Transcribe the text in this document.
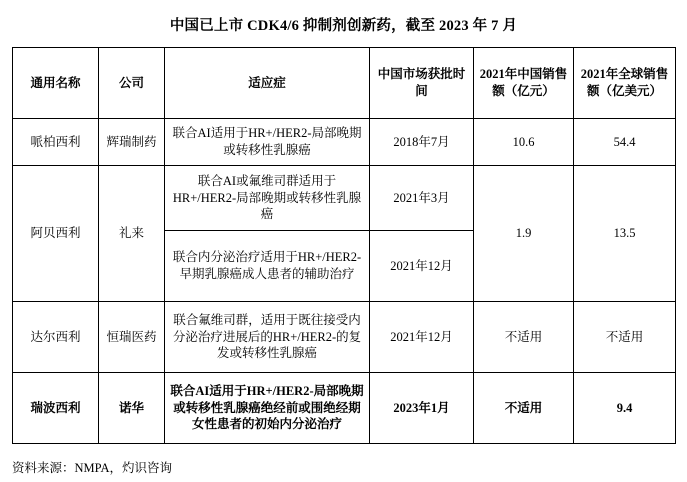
中国已上市 CDK4/6 抑制剂创新药，截至 2023 年 7 月
通用名称	公司	适应症	中国市场获批时间	2021年中国销售额（亿元）	2021年全球销售额（亿美元）
哌柏西利	辉瑞制药	联合AI适用于HR+/HER2-局部晚期或转移性乳腺癌	2018年7月	10.6	54.4
阿贝西利	礼来	联合AI或氟维司群适用于HR+/HER2-局部晚期或转移性乳腺癌	2021年3月	1.9	13.5
		联合内分泌治疗适用于HR+/HER2-早期乳腺癌成人患者的辅助治疗	2021年12月		
达尔西利	恒瑞医药	联合氟维司群，适用于既往接受内分泌治疗进展后的HR+/HER2-的复发或转移性乳腺癌	2021年12月	不适用	不适用
瑞波西利	诺华	联合AI适用于HR+/HER2-局部晚期或转移性乳腺癌绝经前或围绝经期女性患者的初始内分泌治疗	2023年1月	不适用	9.4
资料来源：NMPA，灼识咨询
